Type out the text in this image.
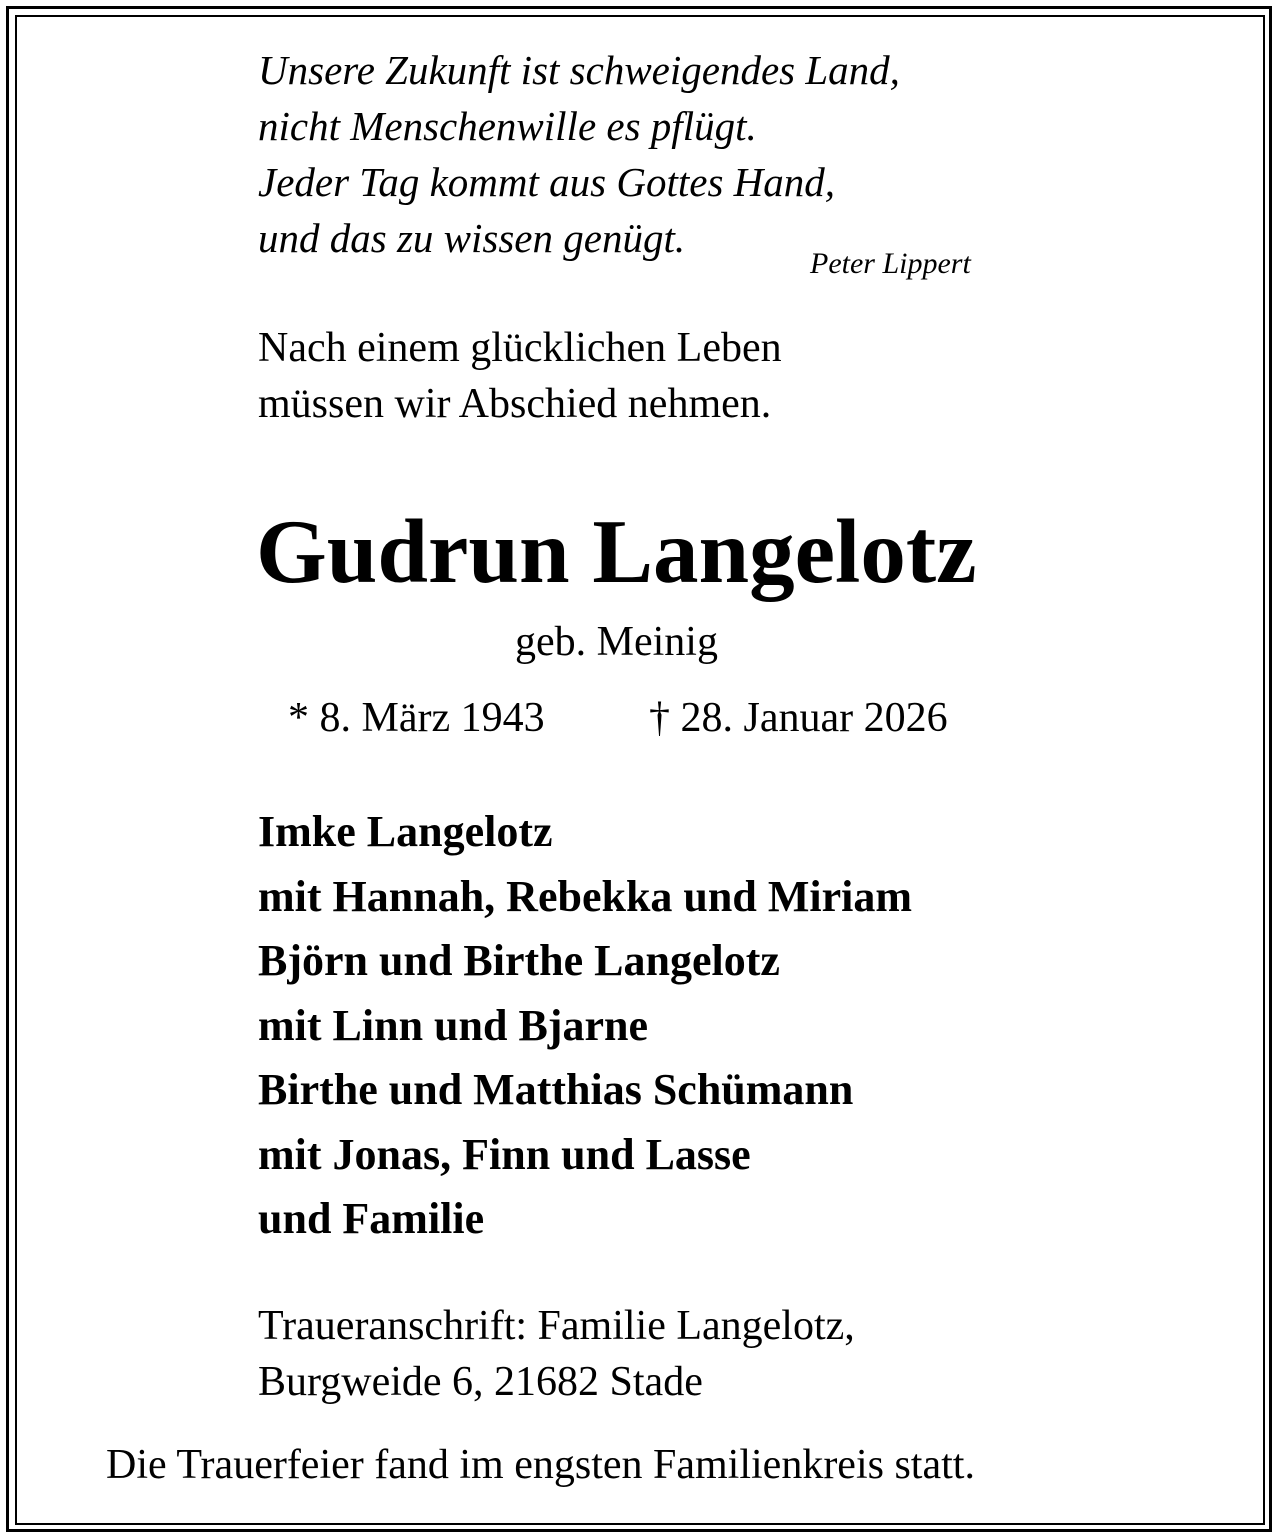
Unsere Zukunft ist schweigendes Land,
nicht Menschenwille es pflügt.
Jeder Tag kommt aus Gottes Hand,
und das zu wissen genügt.
Peter Lippert
Nach einem glücklichen Leben
müssen wir Abschied nehmen.
Gudrun Langelotz
geb. Meinig
* 8. März 1943 † 28. Januar 2026
Imke Langelotz
mit Hannah, Rebekka und Miriam
Björn und Birthe Langelotz
mit Linn und Bjarne
Birthe und Matthias Schümann
mit Jonas, Finn und Lasse
und Familie
Traueranschrift: Familie Langelotz,
Burgweide 6, 21682 Stade
Die Trauerfeier fand im engsten Familienkreis statt.
